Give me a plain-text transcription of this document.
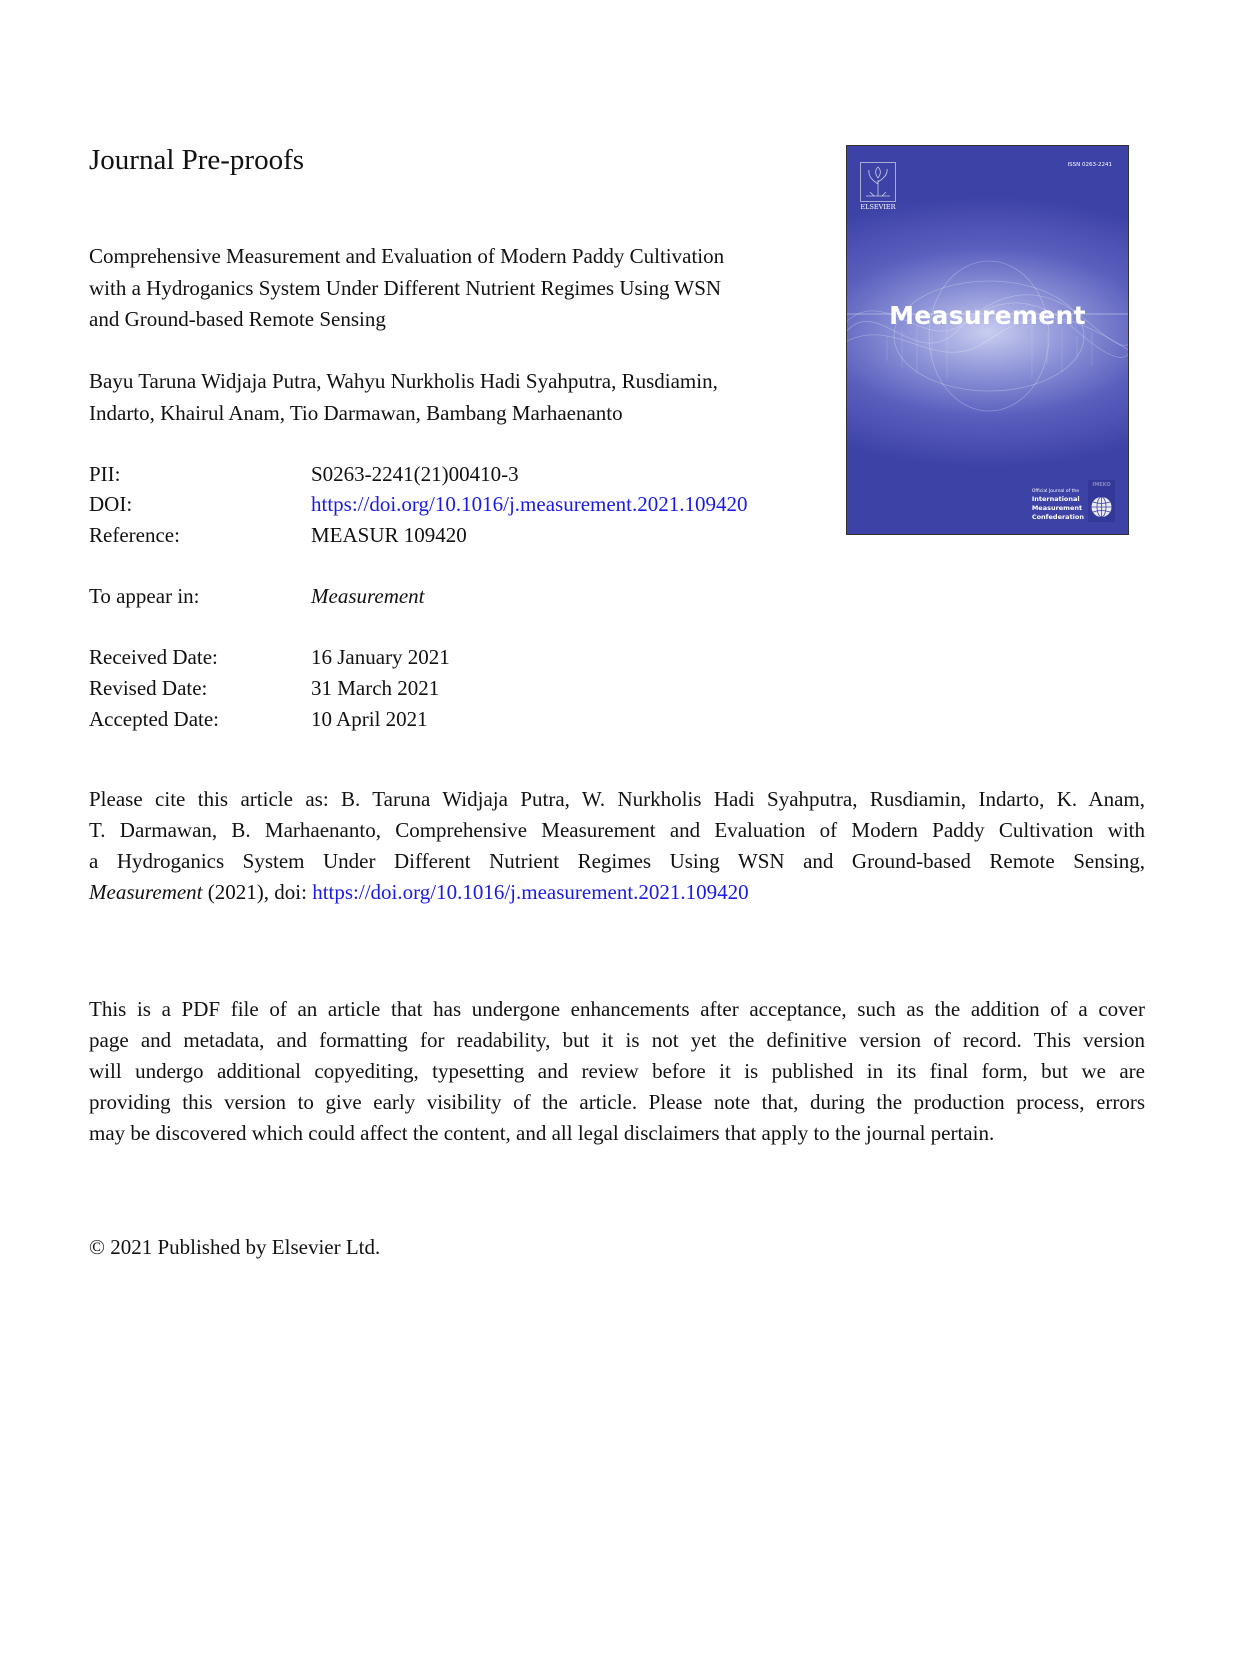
Journal Pre-proofs
Comprehensive Measurement and Evaluation of Modern Paddy Cultivation
with a Hydroganics System Under Different Nutrient Regimes Using WSN
and Ground-based Remote Sensing
Bayu Taruna Widjaja Putra, Wahyu Nurkholis Hadi Syahputra, Rusdiamin,
Indarto, Khairul Anam, Tio Darmawan, Bambang Marhaenanto
PII:	S0263-2241(21)00410-3
DOI:	https://doi.org/10.1016/j.measurement.2021.109420
Reference:	MEASUR 109420
To appear in:	Measurement
Received Date:	16 January 2021
Revised Date:	31 March 2021
Accepted Date:	10 April 2021
Please cite this article as: B. Taruna Widjaja Putra, W. Nurkholis Hadi Syahputra, Rusdiamin, Indarto, K. Anam,
T. Darmawan, B. Marhaenanto, Comprehensive Measurement and Evaluation of Modern Paddy Cultivation with
a Hydroganics System Under Different Nutrient Regimes Using WSN and Ground-based Remote Sensing,
Measurement (2021), doi: https://doi.org/10.1016/j.measurement.2021.109420
This is a PDF file of an article that has undergone enhancements after acceptance, such as the addition of a cover
page and metadata, and formatting for readability, but it is not yet the definitive version of record. This version
will undergo additional copyediting, typesetting and review before it is published in its final form, but we are
providing this version to give early visibility of the article. Please note that, during the production process, errors
may be discovered which could affect the content, and all legal disclaimers that apply to the journal pertain.
© 2021 Published by Elsevier Ltd.
ELSEVIER
ISSN 0263-2241
Measurement
Official Journal of the
International
Measurement
Confederation
